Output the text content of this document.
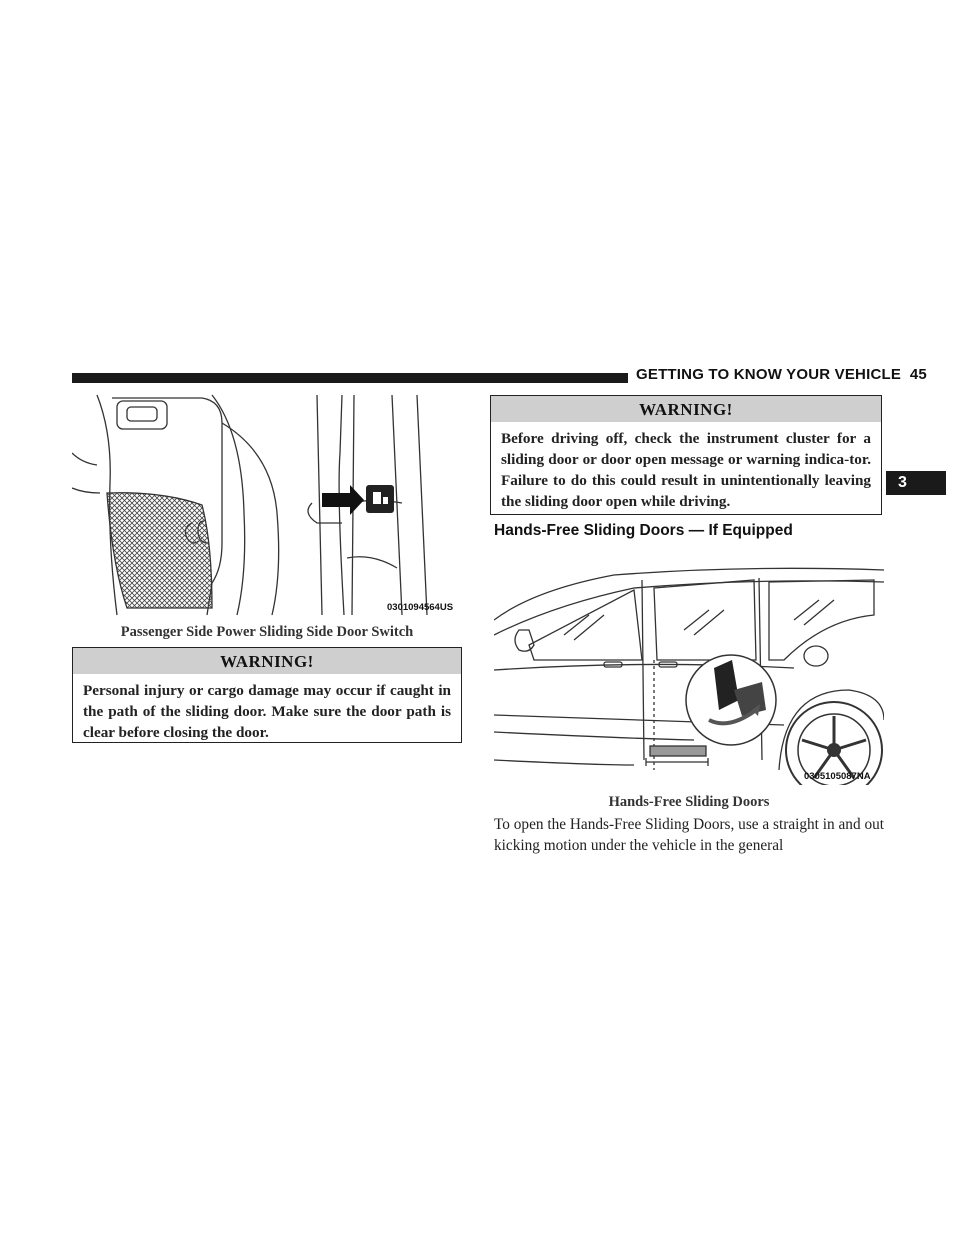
GETTING TO KNOW YOUR VEHICLE 45
3
0301094564US
Passenger Side Power Sliding Side Door Switch
WARNING!
Personal injury or cargo damage may occur if caught in the path of the sliding door. Make sure the door path is clear before closing the door.
WARNING!
Before driving off, check the instrument cluster for a sliding door or door open message or warning indica-tor. Failure to do this could result in unintentionally leaving the sliding door open while driving.
Hands-Free Sliding Doors — If Equipped
0305105087NA
Hands-Free Sliding Doors
To open the Hands-Free Sliding Doors, use a straight in and out kicking motion under the vehicle in the general
